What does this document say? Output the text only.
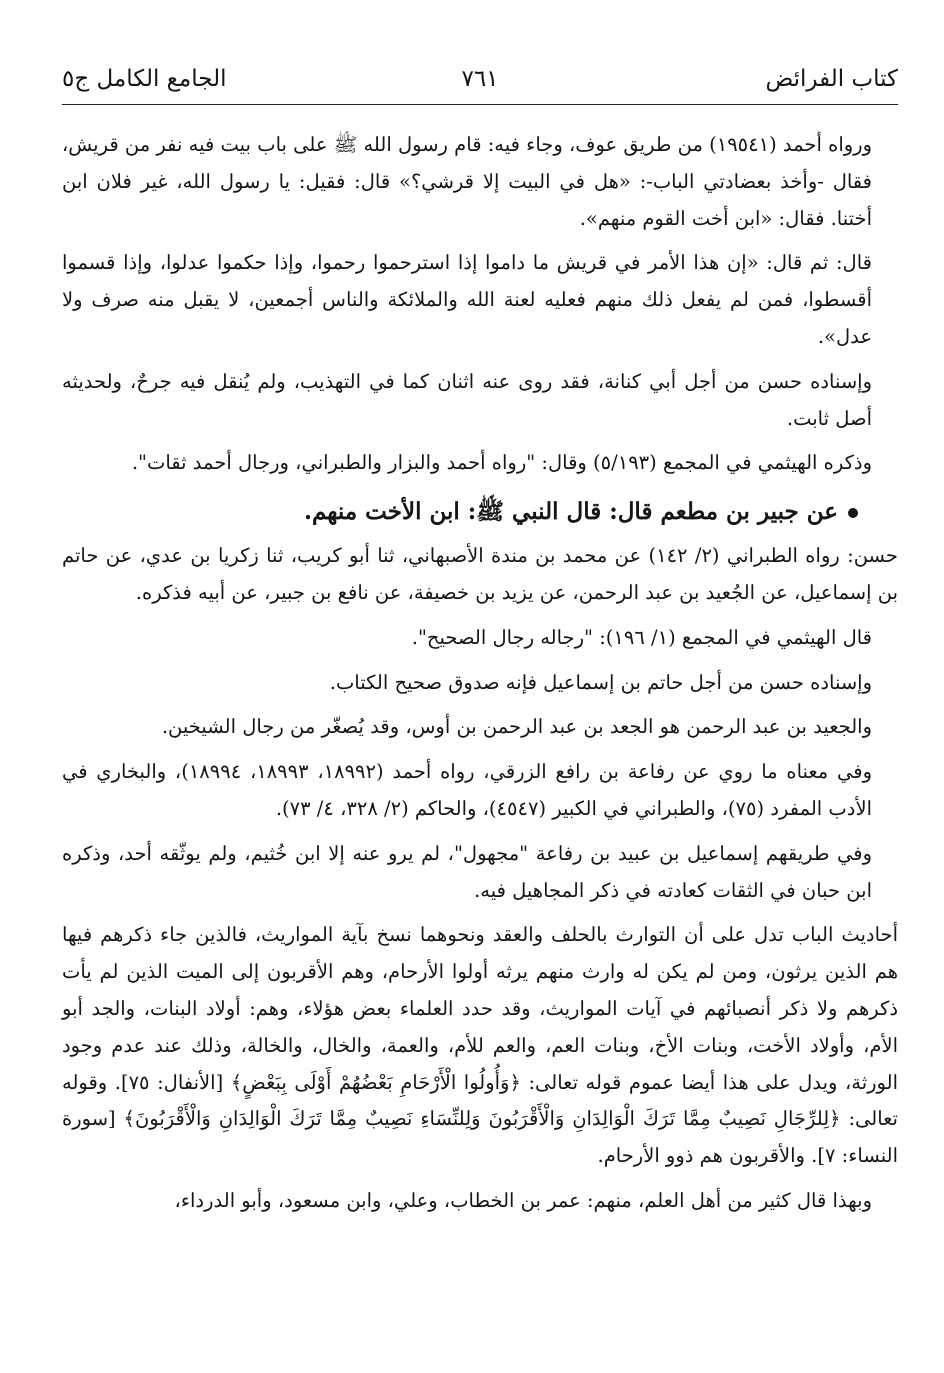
كتاب الفرائض
٧٦١
الجامع الكامل ج٥

ورواه أحمد (١٩٥٤١) من طريق عوف، وجاء فيه: قام رسول الله ﷺ على باب بيت فيه نفر من قريش، فقال -وأخذ بعضادتي الباب-: «هل في البيت إلا قرشي؟» قال: فقيل: يا رسول الله، غير فلان ابن أختنا. فقال: «ابن أخت القوم منهم».

قال: ثم قال: «إن هذا الأمر في قريش ما داموا إذا استرحموا رحموا، وإذا حكموا عدلوا، وإذا قسموا أقسطوا، فمن لم يفعل ذلك منهم فعليه لعنة الله والملائكة والناس أجمعين، لا يقبل منه صرف ولا عدل».

وإسناده حسن من أجل أبي كنانة، فقد روى عنه اثنان كما في التهذيب، ولم يُنقل فيه جرحٌ، ولحديثه أصل ثابت.

وذكره الهيثمي في المجمع (٥/١٩٣) وقال: "رواه أحمد والبزار والطبراني، ورجال أحمد ثقات".

عن جبير بن مطعم قال: قال النبي ﷺ: ابن الأخت منهم.

حسن: رواه الطبراني (٢/ ١٤٢) عن محمد بن مندة الأصبهاني، ثنا أبو كريب، ثنا زكريا بن عدي، عن حاتم بن إسماعيل، عن الجُعيد بن عبد الرحمن، عن يزيد بن خصيفة، عن نافع بن جبير، عن أبيه فذكره.

قال الهيثمي في المجمع (١/ ١٩٦): "رجاله رجال الصحيح".

وإسناده حسن من أجل حاتم بن إسماعيل فإنه صدوق صحيح الكتاب.

والجعيد بن عبد الرحمن هو الجعد بن عبد الرحمن بن أوس، وقد يُصغّر من رجال الشيخين.

وفي معناه ما روي عن رفاعة بن رافع الزرقي، رواه أحمد (١٨٩٩٢، ١٨٩٩٣، ١٨٩٩٤)، والبخاري في الأدب المفرد (٧٥)، والطبراني في الكبير (٤٥٤٧)، والحاكم (٢/ ٣٢٨، ٤/ ٧٣).

وفي طريقهم إسماعيل بن عبيد بن رفاعة "مجهول"، لم يرو عنه إلا ابن خُثيم، ولم يوثّقه أحد، وذكره ابن حبان في الثقات كعادته في ذكر المجاهيل فيه.

أحاديث الباب تدل على أن التوارث بالحلف والعقد ونحوهما نسخ بآية المواريث، فالذين جاء ذكرهم فيها هم الذين يرثون، ومن لم يكن له وارث منهم يرثه أولوا الأرحام، وهم الأقربون إلى الميت الذين لم يأت ذكرهم ولا ذكر أنصبائهم في آيات المواريث، وقد حدد العلماء بعض هؤلاء، وهم: أولاد البنات، والجد أبو الأم، وأولاد الأخت، وبنات الأخ، وبنات العم، والعم للأم، والعمة، والخال، والخالة، وذلك عند عدم وجود الورثة، ويدل على هذا أيضا عموم قوله تعالى: ﴿وَأُولُوا الْأَرْحَامِ بَعْضُهُمْ أَوْلَى بِبَعْضٍ﴾ [الأنفال: ٧٥]. وقوله تعالى: ﴿لِلرِّجَالِ نَصِيبٌ مِمَّا تَرَكَ الْوَالِدَانِ وَالْأَقْرَبُونَ وَلِلنِّسَاءِ نَصِيبٌ مِمَّا تَرَكَ الْوَالِدَانِ وَالْأَقْرَبُونَ﴾ [سورة النساء: ٧]. والأقربون هم ذوو الأرحام.

وبهذا قال كثير من أهل العلم، منهم: عمر بن الخطاب، وعلي، وابن مسعود، وأبو الدرداء،
